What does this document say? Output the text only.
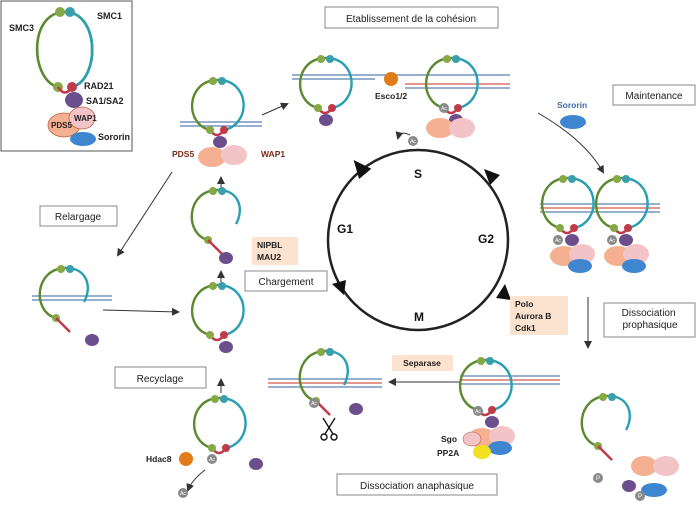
SMC3
SMC1
RAD21
SA1/SA2
PDS5
WAP1
Sororin
S
G1
G2
M
Etablissement de la cohésion
Maintenance
Relargage
Chargement
Recyclage
Dissociation prophasique
Dissociation anaphasique
NIPBL
MAU2
Polo
Aurora B
Cdk1
Separase
Esco1/2
Sororin
PDS5	WAP1
Hdac8
Sgo
PP2A
Ac
Ac
Ac	Ac
Ac
Ac
Ac
Ac
P
P
